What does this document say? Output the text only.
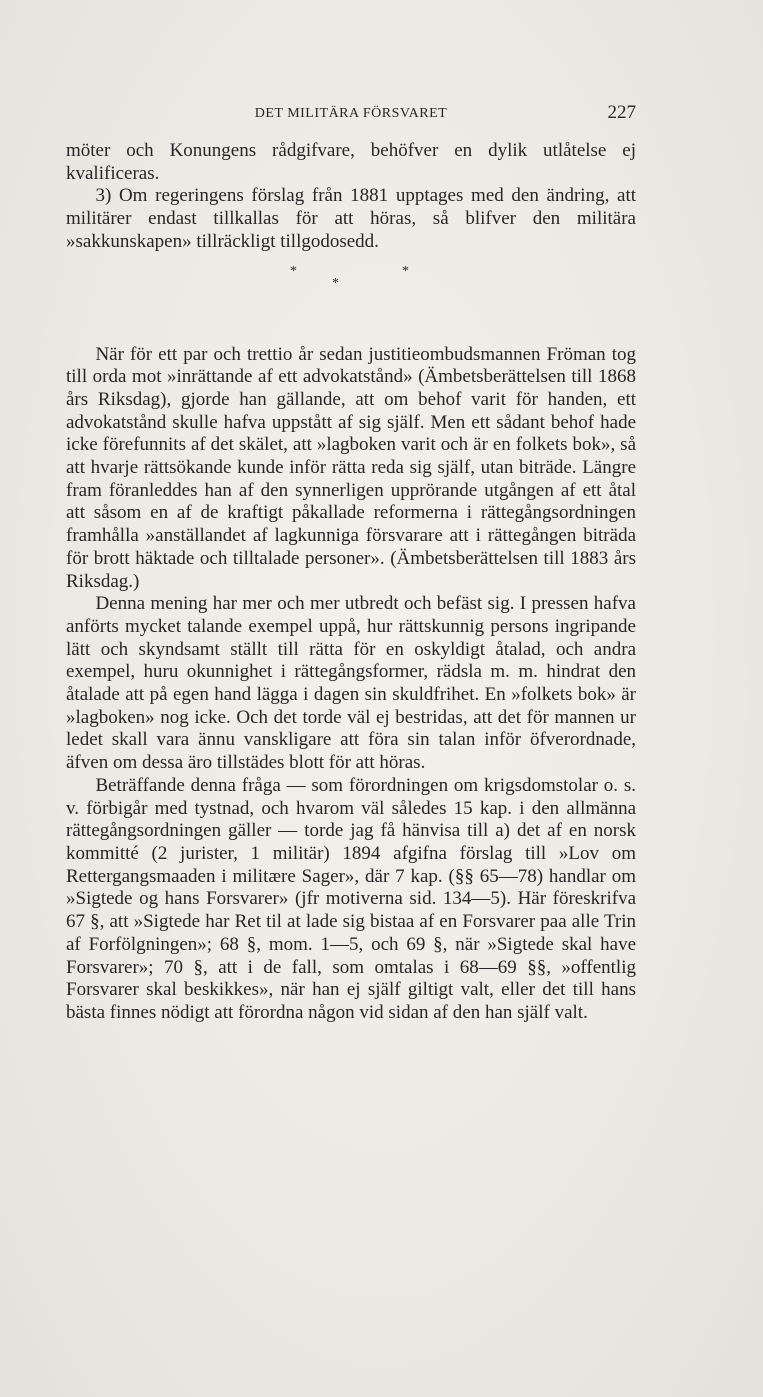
DET MILITÄRA FÖRSVARET	227

möter och Konungens rådgifvare, behöfver en dylik utlåtelse ej kvalificeras.

3) Om regeringens förslag från 1881 upptages med den ändring, att militärer endast tillkallas för att höras, så blifver den militära »sakkunskapen» tillräckligt tillgodosedd.

*
*
*

När för ett par och trettio år sedan justitieombudsmannen Fröman tog till orda mot »inrättande af ett advokatstånd» (Ämbetsberättelsen till 1868 års Riksdag), gjorde han gällande, att om behof varit för handen, ett advokatstånd skulle hafva uppstått af sig själf. Men ett sådant behof hade icke förefunnits af det skälet, att »lagboken varit och är en folkets bok», så att hvarje rättsökande kunde inför rätta reda sig själf, utan biträde. Längre fram föranleddes han af den synnerligen upprörande utgången af ett åtal att såsom en af de kraftigt påkallade reformerna i rättegångsordningen framhålla »anställandet af lagkunniga försvarare att i rättegången biträda för brott häktade och tilltalade personer». (Ämbetsberättelsen till 1883 års Riksdag.)

Denna mening har mer och mer utbredt och befäst sig. I pressen hafva anförts mycket talande exempel uppå, hur rättskunnig persons ingripande lätt och skyndsamt ställt till rätta för en oskyldigt åtalad, och andra exempel, huru okunnighet i rättegångsformer, rädsla m. m. hindrat den åtalade att på egen hand lägga i dagen sin skuldfrihet. En »folkets bok» är »lagboken» nog icke. Och det torde väl ej bestridas, att det för mannen ur ledet skall vara ännu vanskligare att föra sin talan inför öfverordnade, äfven om dessa äro tillstädes blott för att höras.

Beträffande denna fråga — som förordningen om krigsdomstolar o. s. v. förbigår med tystnad, och hvarom väl således 15 kap. i den allmänna rättegångsordningen gäller — torde jag få hänvisa till a) det af en norsk kommitté (2 jurister, 1 militär) 1894 afgifna förslag till »Lov om Rettergangsmaaden i militære Sager», där 7 kap. (§§ 65—78) handlar om »Sigtede og hans Forsvarer» (jfr motiverna sid. 134—5). Här föreskrifva 67 §, att »Sigtede har Ret til at lade sig bistaa af en Forsvarer paa alle Trin af Forfölgningen»; 68 §, mom. 1—5, och 69 §, när »Sigtede skal have Forsvarer»; 70 §, att i de fall, som omtalas i 68—69 §§, »offentlig Forsvarer skal beskikkes», när han ej själf giltigt valt, eller det till hans bästa finnes nödigt att förordna någon vid sidan af den han själf valt.
